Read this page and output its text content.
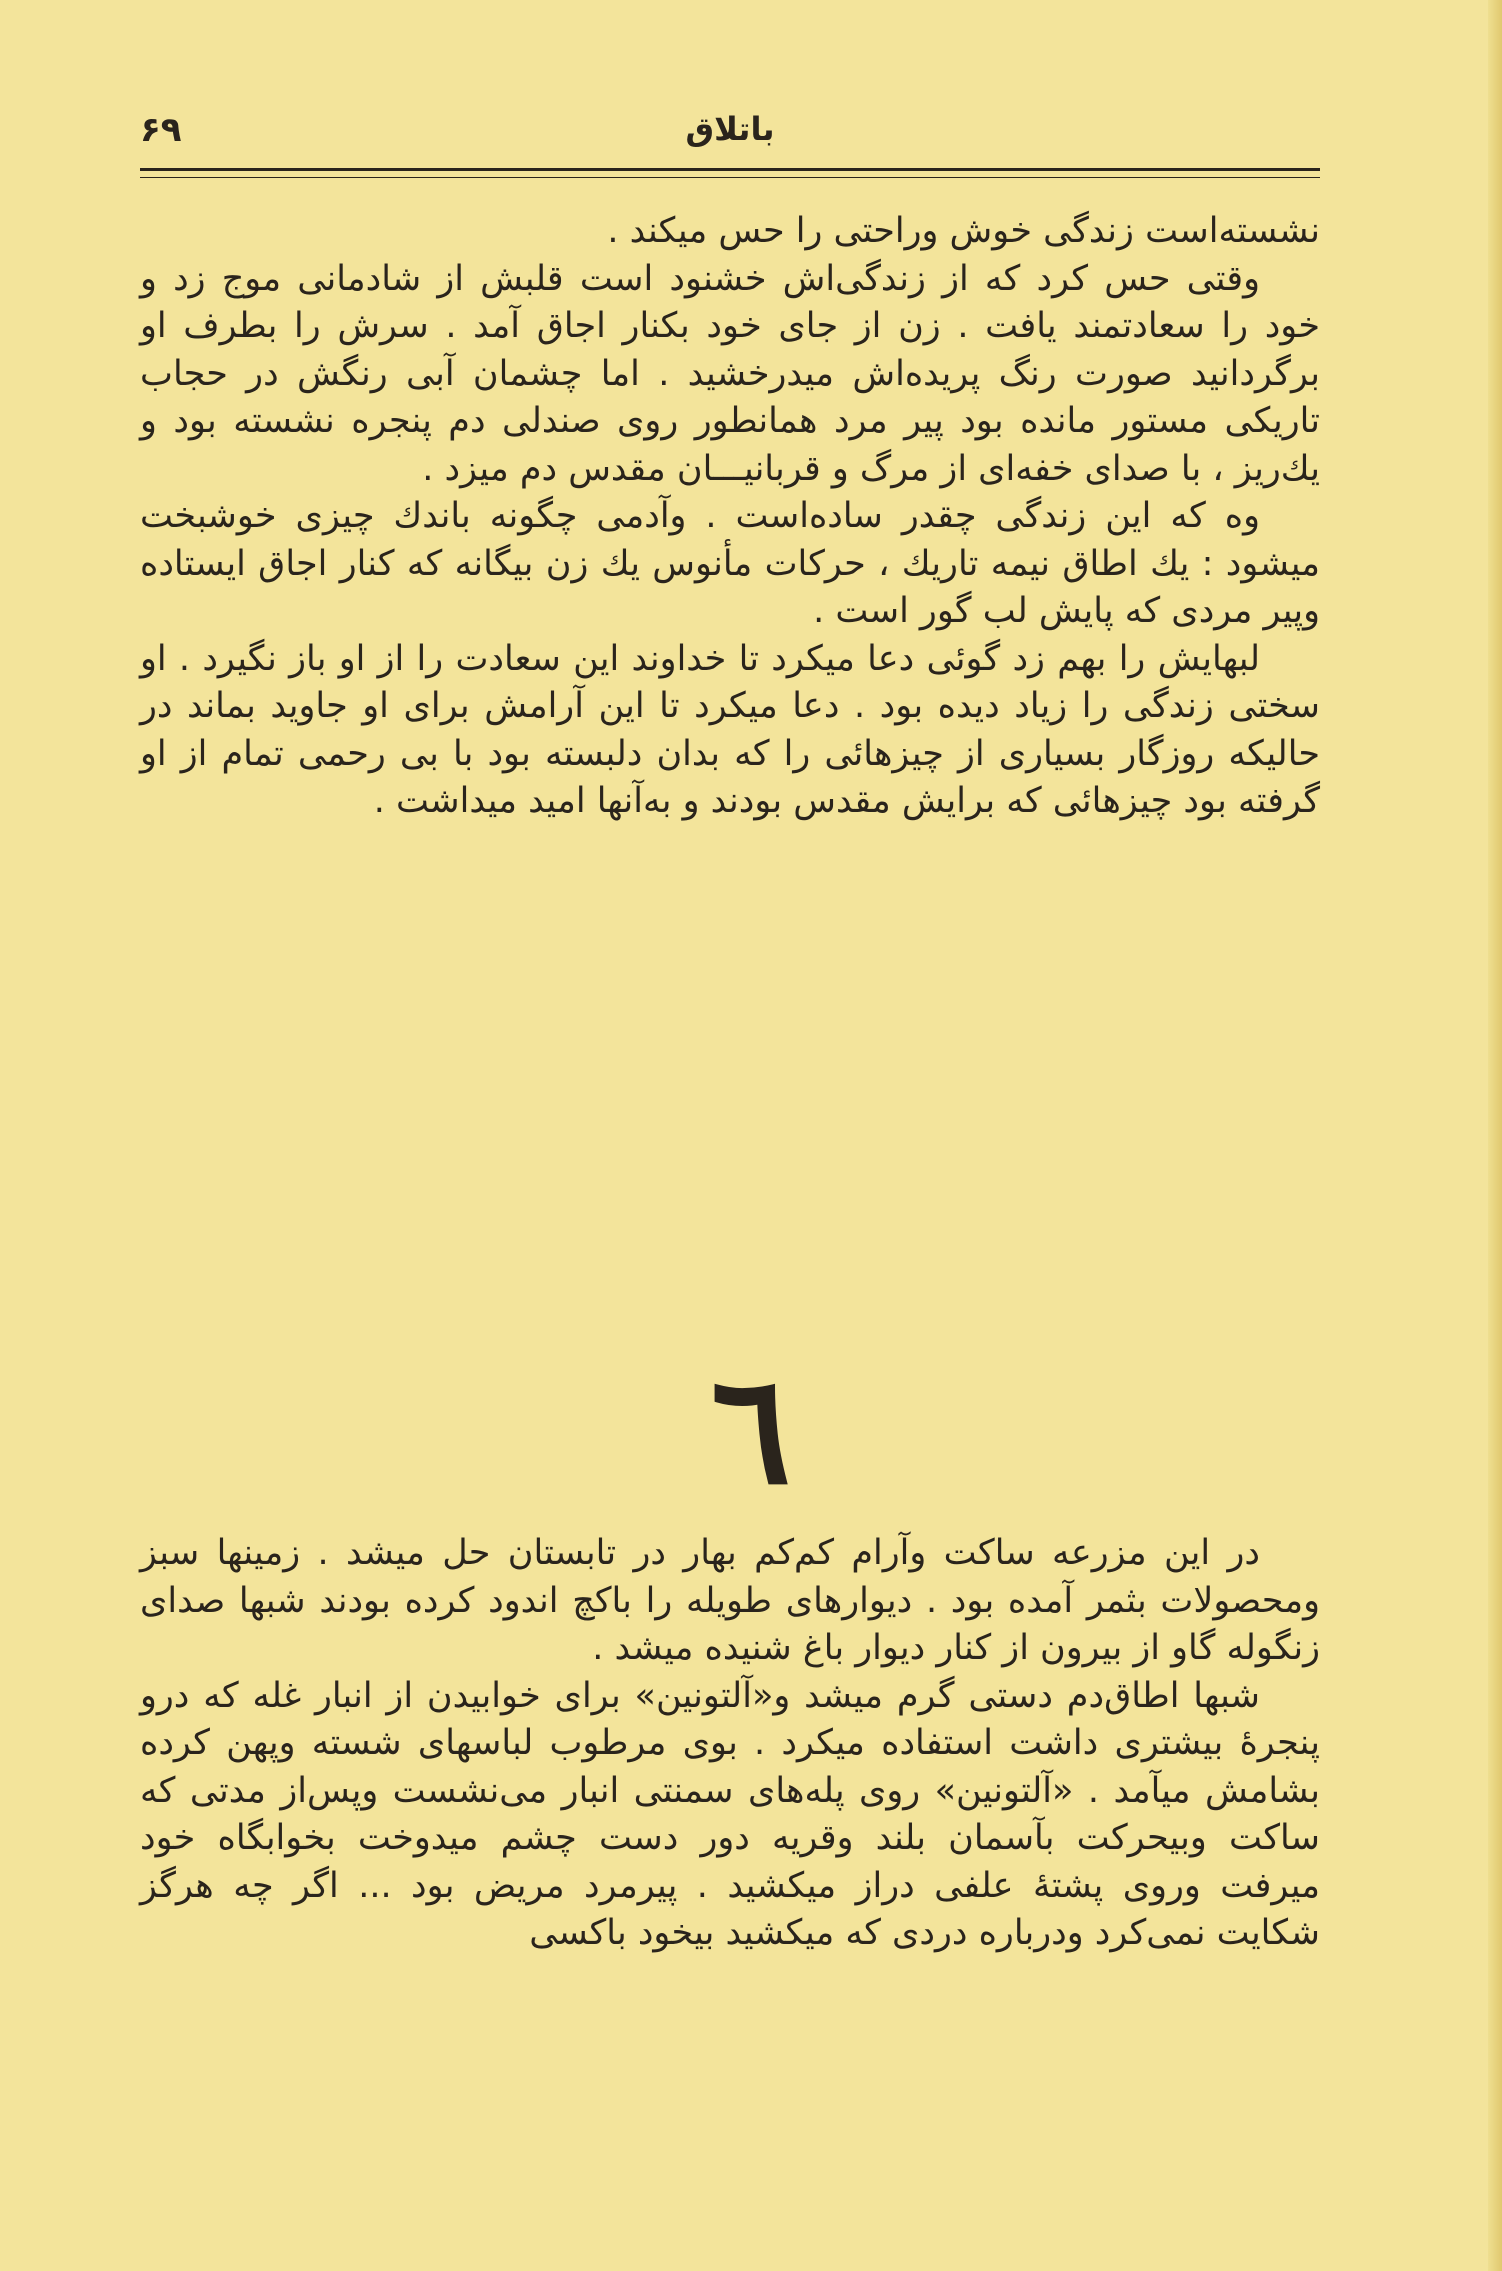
باتلاق
۶۹

نشسته‌است زندگی خوش وراحتی را حس میکند .

وقتی حس کرد که از زندگی‌اش خشنود است قلبش از شادمانی موج زد و خود را سعادتمند یافت . زن از جای خود بکنار اجاق آمد . سرش را بطرف او برگردانید صورت رنگ پریده‌اش میدرخشید . اما چشمان آبی رنگش در حجاب تاریکی مستور مانده بود پیر مرد همانطور روی صندلی دم پنجره نشسته بود و یك‌ریز ، با صدای خفه‌ای از مرگ و قربانیـــان مقدس دم میزد .

وه که این زندگی چقدر ساده‌است . وآدمی چگونه باندك چیزی خوشبخت میشود : یك اطاق نیمه تاریك ، حرکات مأنوس یك زن بیگانه که کنار اجاق ایستاده وپیر مردی که پایش لب گور است .

لبهایش را بهم زد گوئی دعا میکرد تا خداوند این سعادت را از او باز نگیرد . او سختی زندگی را زیاد دیده بود . دعا میکرد تا این آرامش برای او جاوید بماند در حالیکه روزگار بسیاری از چیزهائی را که بدان دلبسته بود با بی رحمی تمام از او گرفته بود چیزهائی که برایش مقدس بودند و به‌آنها امید میداشت .

٦

در این مزرعه ساکت وآرام کم‌کم بهار در تابستان حل میشد . زمینها سبز ومحصولات بثمر آمده بود . دیوارهای طویله را باکچ اندود کرده بودند شبها صدای زنگوله گاو از بیرون از کنار دیوار باغ شنیده میشد .

شبها اطاق‌دم دستی گرم میشد و«آلتونین» برای خوابیدن از انبار غله که درو پنجرهٔ بیشتری داشت استفاده میکرد . بوی مرطوب لباسهای شسته وپهن کرده بشامش میآمد . «آلتونین» روی پله‌های سمنتی انبار می‌نشست وپس‌از مدتی که ساکت وبیحرکت بآسمان بلند وقریه دور دست چشم میدوخت بخوابگاه خود میرفت وروی پشتهٔ علفی دراز میکشید . پیرمرد مریض بود ... اگر چه هرگز شکایت نمی‌کرد ودرباره دردی که میکشید بیخود باکسی
